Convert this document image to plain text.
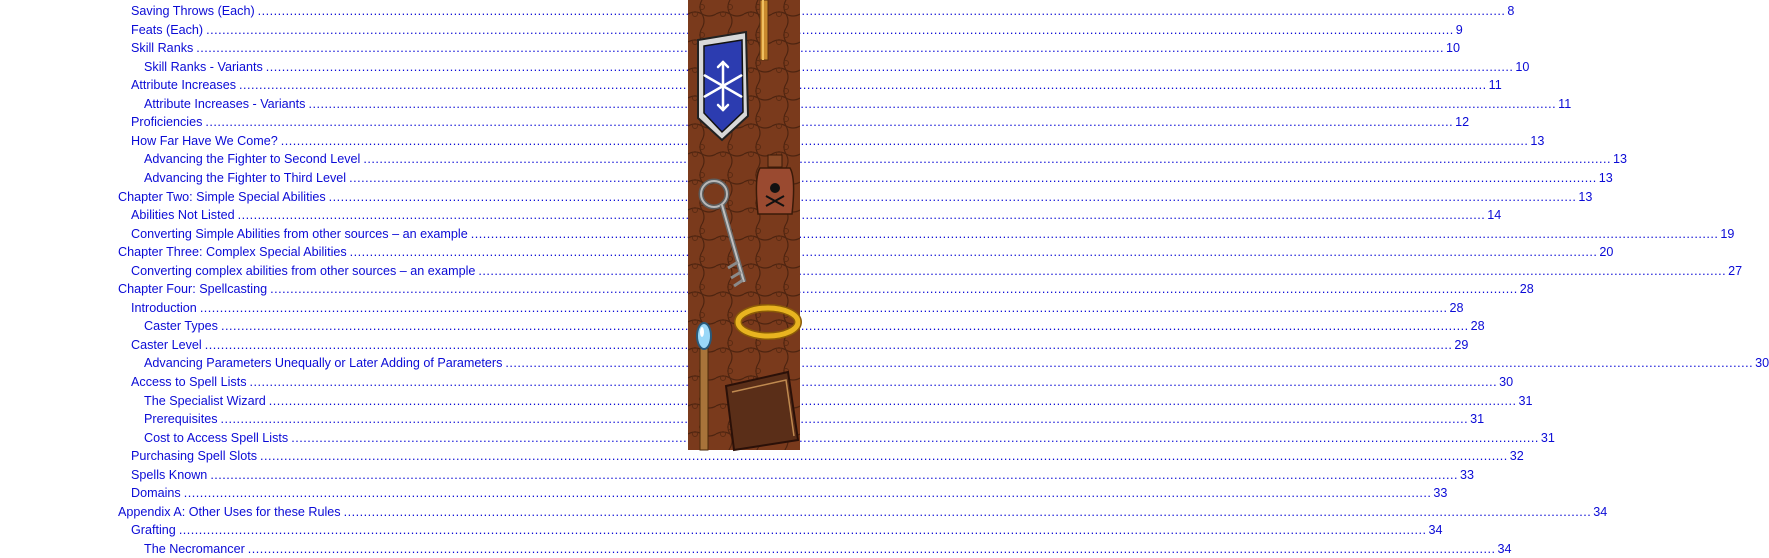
Saving Throws (Each) .....	8
Feats (Each) .....	9
Skill Ranks .....	10
Skill Ranks - Variants .....	10
Attribute Increases .....	11
Attribute Increases - Variants .....	11
Proficiencies .....	12
How Far Have We Come? .....	13
Advancing the Fighter to Second Level .....	13
Advancing the Fighter to Third Level .....	13
Chapter Two: Simple Special Abilities .....	13
Abilities Not Listed .....	14
Converting Simple Abilities from other sources – an example .....	19
Chapter Three: Complex Special Abilities .....	20
Converting complex abilities from other sources – an example .....	27
Chapter Four: Spellcasting .....	28
Introduction .....	28
Caster Types .....	28
Caster Level .....	29
Advancing Parameters Unequally or Later Adding of Parameters .....	30
Access to Spell Lists .....	30
The Specialist Wizard .....	31
Prerequisites .....	31
Cost to Access Spell Lists .....	31
Purchasing Spell Slots .....	32
Spells Known .....	33
Domains .....	33
Appendix A: Other Uses for these Rules .....	34
Grafting .....	34
The Necromancer .....	34
